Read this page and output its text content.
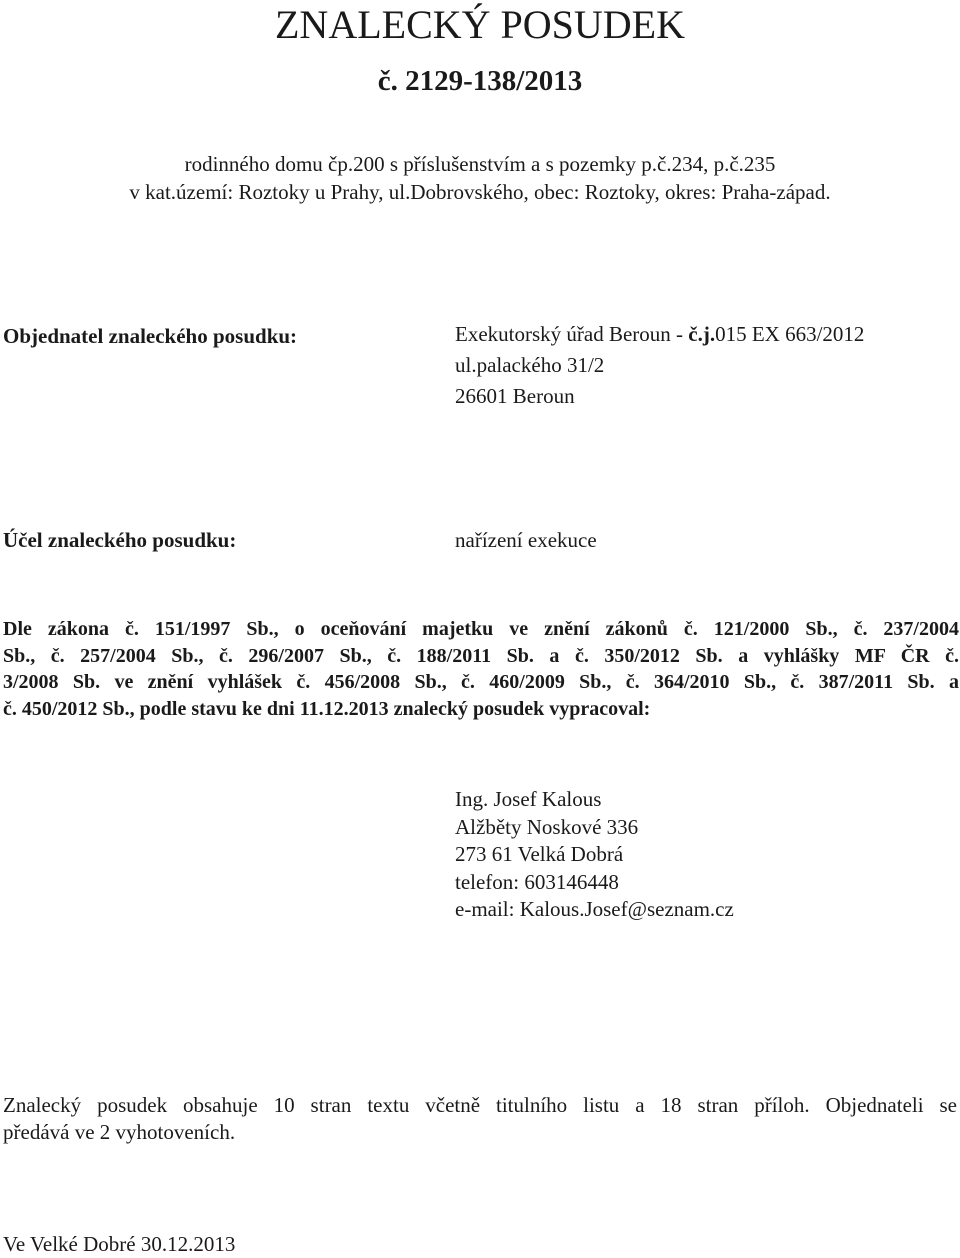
ZNALECKÝ POSUDEK
č. 2129-138/2013
rodinného domu čp.200 s příslušenstvím a s pozemky p.č.234, p.č.235
v kat.území: Roztoky u Prahy, ul.Dobrovského, obec: Roztoky, okres: Praha-západ.
Objednatel znaleckého posudku:	Exekutorský úřad Beroun - č.j.015 EX 663/2012
ul.palackého 31/2
26601 Beroun
Účel znaleckého posudku:	nařízení exekuce
Dle zákona č. 151/1997 Sb., o oceňování majetku ve znění zákonů č. 121/2000 Sb., č. 237/2004
Sb., č. 257/2004 Sb., č. 296/2007 Sb., č. 188/2011 Sb. a č. 350/2012 Sb. a vyhlášky MF ČR č.
3/2008 Sb. ve znění vyhlášek č. 456/2008 Sb., č. 460/2009 Sb., č. 364/2010 Sb., č. 387/2011 Sb. a
č. 450/2012 Sb., podle stavu ke dni 11.12.2013 znalecký posudek vypracoval:
Ing. Josef Kalous
Alžběty Noskové 336
273 61 Velká Dobrá
telefon: 603146448
e-mail: Kalous.Josef@seznam.cz
Znalecký posudek obsahuje 10 stran textu včetně titulního listu a 18 stran příloh. Objednateli se
předává ve 2 vyhotoveních.
Ve Velké Dobré 30.12.2013
